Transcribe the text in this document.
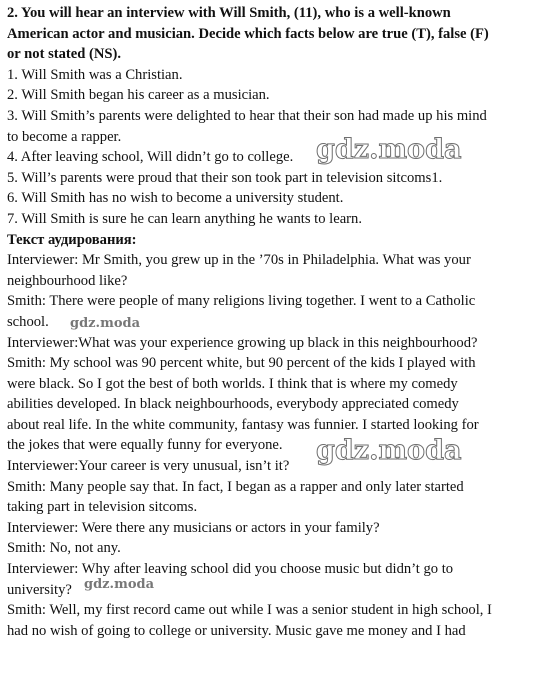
2. You will hear an interview with Will Smith, (11), who is a well-known
American actor and musician. Decide which facts below are true (T), false (F)
or not stated (NS).
1. Will Smith was a Christian.
2. Will Smith began his career as a musician.
3. Will Smith’s parents were delighted to hear that their son had made up his mind
to become a rapper.
4. After leaving school, Will didn’t go to college.
5. Will’s parents were proud that their son took part in television sitcoms1.
6. Will Smith has no wish to become a university student.
7. Will Smith is sure he can learn anything he wants to learn.
Текст аудирования:
Interviewer: Mr Smith, you grew up in the ’70s in Philadelphia. What was your
neighbourhood like?
Smith: There were people of many religions living together. I went to a Catholic
school.
Interviewer:What was your experience growing up black in this neighbourhood?
Smith: My school was 90 percent white, but 90 percent of the kids I played with
were black. So I got the best of both worlds. I think that is where my comedy
abilities developed. In black neighbourhoods, everybody appreciated comedy
about real life. In the white community, fantasy was funnier. I started looking for
the jokes that were equally funny for everyone.
Interviewer:Your career is very unusual, isn’t it?
Smith: Many people say that. In fact, I began as a rapper and only later started
taking part in television sitcoms.
Interviewer: Were there any musicians or actors in your family?
Smith: No, not any.
Interviewer: Why after leaving school did you choose music but didn’t go to
university?
Smith: Well, my first record came out while I was a senior student in high school, I
had no wish of going to college or university. Music gave me money and I had
gdz.moda
gdz.moda
gdz.moda
gdz.moda
